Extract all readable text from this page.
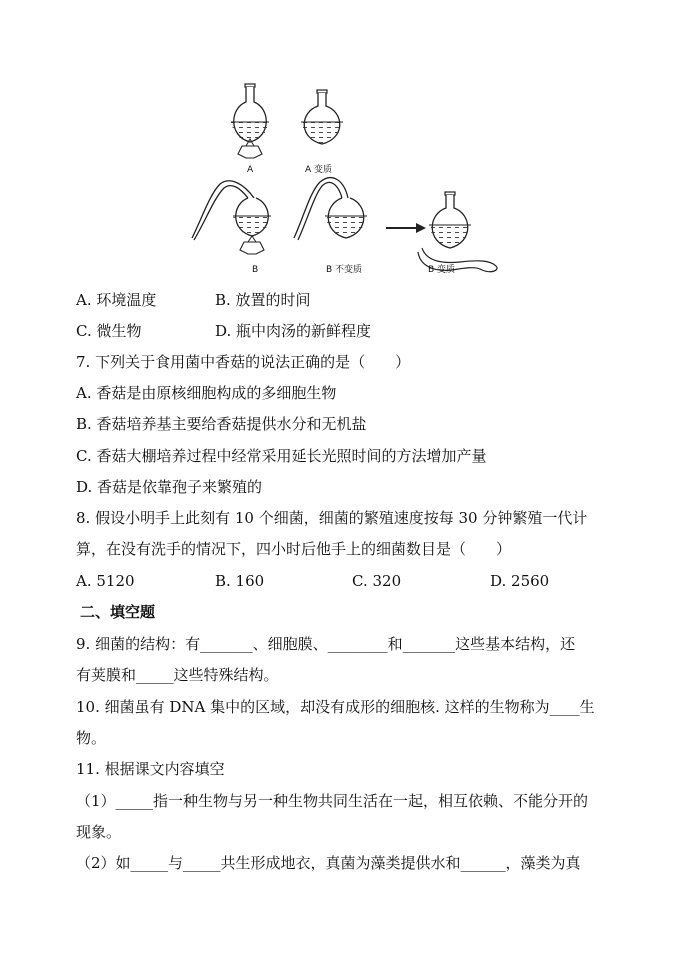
A	A 变质
B	B 不变质	B 变质
A. 环境温度	B. 放置的时间
C. 微生物	D. 瓶中肉汤的新鲜程度
7. 下列关于食用菌中香菇的说法正确的是（　　）
A. 香菇是由原核细胞构成的多细胞生物
B. 香菇培养基主要给香菇提供水分和无机盐
C. 香菇大棚培养过程中经常采用延长光照时间的方法增加产量
D. 香菇是依靠孢子来繁殖的
8. 假设小明手上此刻有 10 个细菌，细菌的繁殖速度按每 30 分钟繁殖一代计
算，在没有洗手的情况下，四小时后他手上的细菌数目是（　　）
A. 5120	B. 160	C. 320	D. 2560
二、填空题
9. 细菌的结构：有_______、细胞膜、________和_______这些基本结构，还
有荚膜和_____这些特殊结构。
10. 细菌虽有 DNA 集中的区域，却没有成形的细胞核. 这样的生物称为____生
物。
11. 根据课文内容填空
（1）_____指一种生物与另一种生物共同生活在一起，相互依赖、不能分开的
现象。
（2）如_____与_____共生形成地衣，真菌为藻类提供水和______，藻类为真
